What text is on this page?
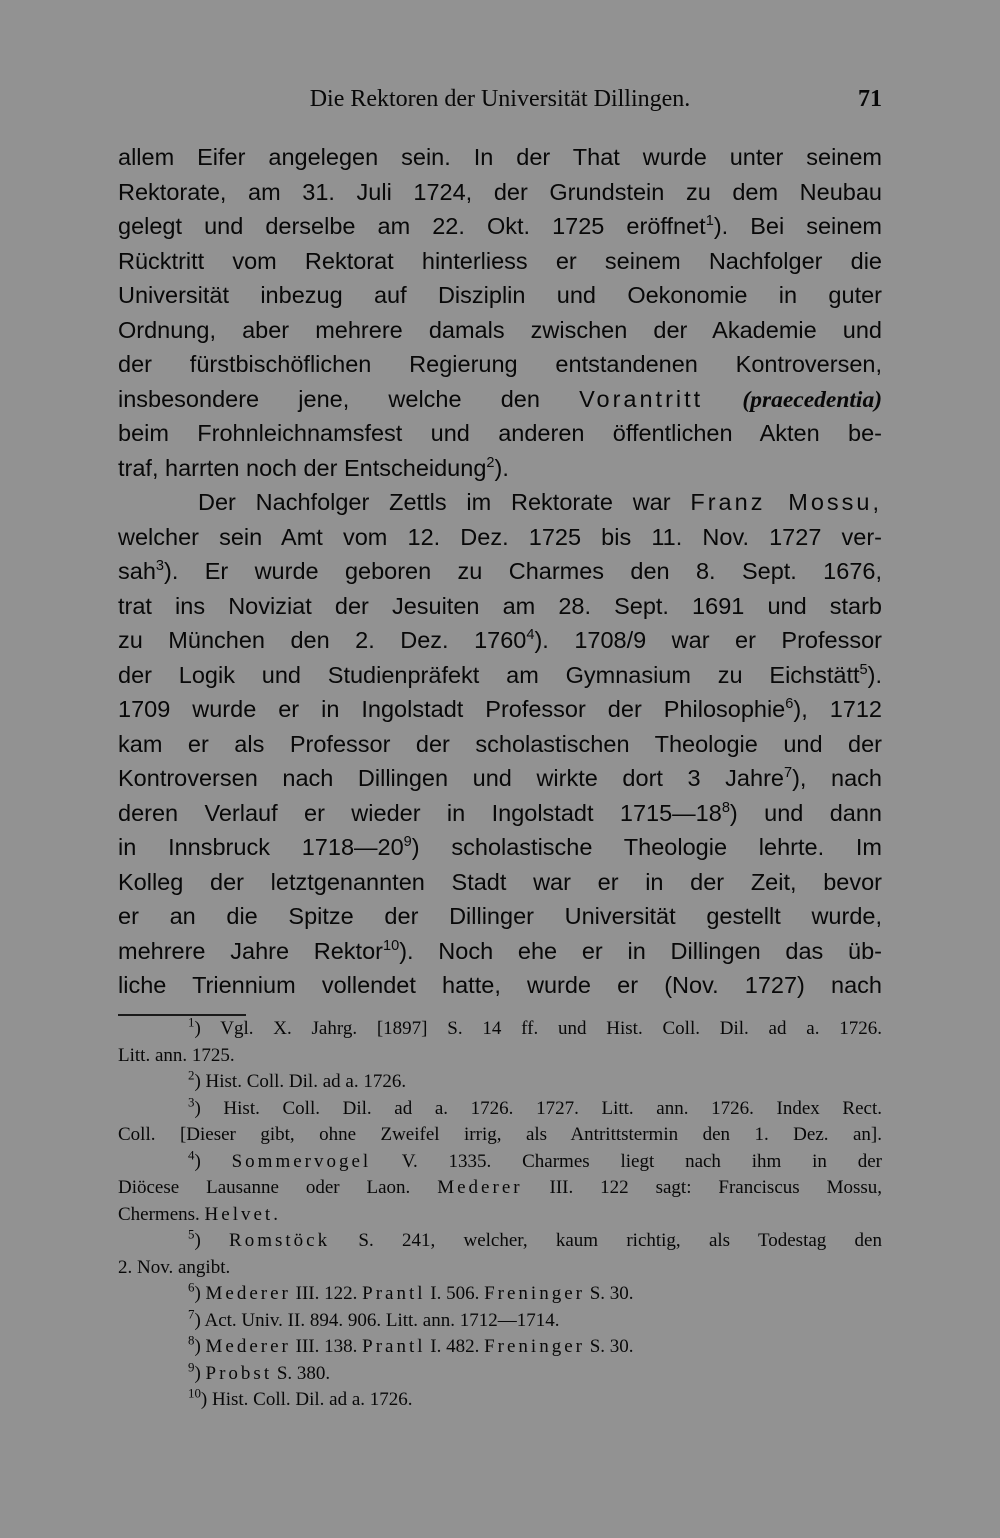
Die Rektoren der Universität Dillingen.	71
allem Eifer angelegen sein. In der That wurde unter seinem
Rektorate, am 31. Juli 1724, der Grundstein zu dem Neubau
gelegt und derselbe am 22. Okt. 1725 eröffnet$^1$). Bei seinem
Rücktritt vom Rektorat hinterliess er seinem Nachfolger die
Universität inbezug auf Disziplin und Oekonomie in guter
Ordnung, aber mehrere damals zwischen der Akademie und
der fürstbischöflichen Regierung entstandenen Kontroversen,
insbesondere jene, welche den Vorantritt (praecedentia)
beim Frohnleichnamsfest und anderen öffentlichen Akten be-
traf, harrten noch der Entscheidung$^2$).
Der Nachfolger Zettls im Rektorate war Franz Mossu,
welcher sein Amt vom 12. Dez. 1725 bis 11. Nov. 1727 ver-
sah$^3$). Er wurde geboren zu Charmes den 8. Sept. 1676,
trat ins Noviziat der Jesuiten am 28. Sept. 1691 und starb
zu München den 2. Dez. 1760$^4$). 1708/9 war er Professor
der Logik und Studienpräfekt am Gymnasium zu Eichstätt$^5$).
1709 wurde er in Ingolstadt Professor der Philosophie$^6$), 1712
kam er als Professor der scholastischen Theologie und der
Kontroversen nach Dillingen und wirkte dort 3 Jahre$^7$), nach
deren Verlauf er wieder in Ingolstadt $1715—18^8$) und dann
in Innsbruck $1718—20^9$) scholastische Theologie lehrte. Im
Kolleg der letztgenannten Stadt war er in der Zeit, bevor
er an die Spitze der Dillinger Universität gestellt wurde,
mehrere Jahre Rektor$^{10}$). Noch ehe er in Dillingen das üb-
liche Triennium vollendet hatte, wurde er (Nov. 1727) nach
$^1$) Vgl. X. Jahrg. [1897] S. 14 ff. und Hist. Coll. Dil. ad a. 1726.
Litt. ann. 1725.
$^2$) Hist. Coll. Dil. ad a. 1726.
$^3$) Hist. Coll. Dil. ad a. 1726. 1727. Litt. ann. 1726. Index Rect.
Coll. [Dieser gibt, ohne Zweifel irrig, als Antrittstermin den 1. Dez. an].
$^4$) Sommervogel V. 1335. Charmes liegt nach ihm in der
Diöcese Lausanne oder Laon. Mederer III. 122 sagt: Franciscus Mossu,
Chermens. Helvet.
$^5$) Romstöck S. 241, welcher, kaum richtig, als Todestag den
2. Nov. angibt.
$^6$) Mederer III. 122. Prantl I. 506. Freninger S. 30.
$^7$) Act. Univ. II. 894. 906. Litt. ann. 1712—1714.
$^8$) Mederer III. 138. Prantl I. 482. Freninger S. 30.
$^9$) Probst S. 380.
$^{10}$) Hist. Coll. Dil. ad a. 1726.
